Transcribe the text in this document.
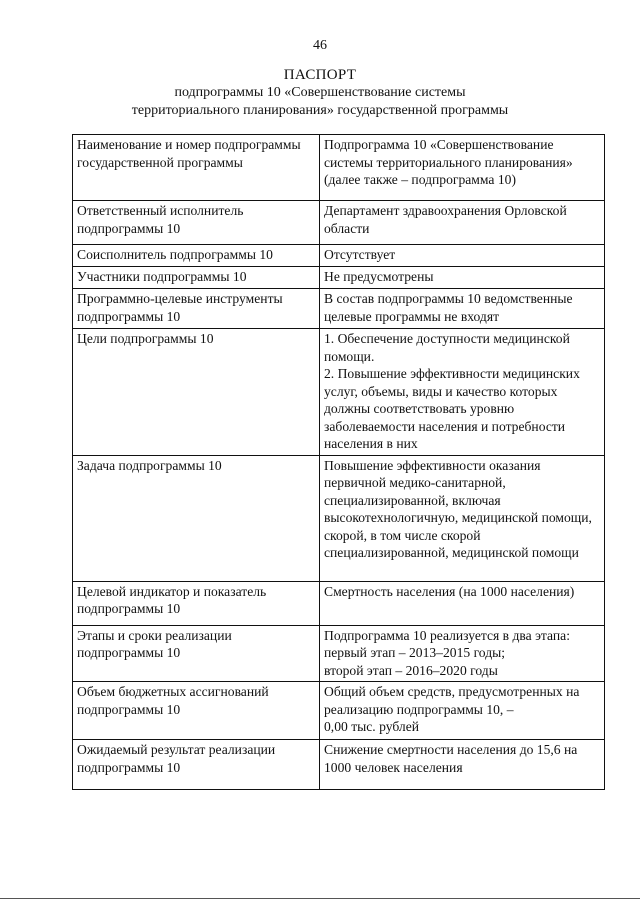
46
ПАСПОРТ
подпрограммы 10 «Совершенствование системы
территориального планирования» государственной программы
Наименование и номер подпрограммы государственной программы	Подпрограмма 10 «Совершенствование системы территориального планирования» (далее также – подпрограмма 10)

Ответственный исполнитель подпрограммы 10	Департамент здравоохранения Орловской области

Соисполнитель подпрограммы 10	Отсутствует

Участники подпрограммы 10	Не предусмотрены

Программно-целевые инструменты подпрограммы 10	В состав подпрограммы 10 ведомственные целевые программы не входят

Цели подпрограммы 10	1. Обеспечение доступности медицинской помощи.
2. Повышение эффективности медицинских услуг, объемы, виды и качество которых должны соответствовать уровню заболеваемости населения и потребности населения в них

Задача подпрограммы 10	Повышение эффективности оказания первичной медико-санитарной, специализированной, включая высокотехнологичную, медицинской помощи, скорой, в том числе скорой специализированной, медицинской помощи

Целевой индикатор и показатель подпрограммы 10	Смертность населения (на 1000 населения)

Этапы и сроки реализации подпрограммы 10	Подпрограмма 10 реализуется в два этапа:
первый этап – 2013–2015 годы;
второй этап – 2016–2020 годы

Объем бюджетных ассигнований подпрограммы 10	Общий объем средств, предусмотренных на реализацию подпрограммы 10, –
0,00 тыс. рублей

Ожидаемый результат реализации подпрограммы 10	Снижение смертности населения до 15,6 на 1000 человек населения
